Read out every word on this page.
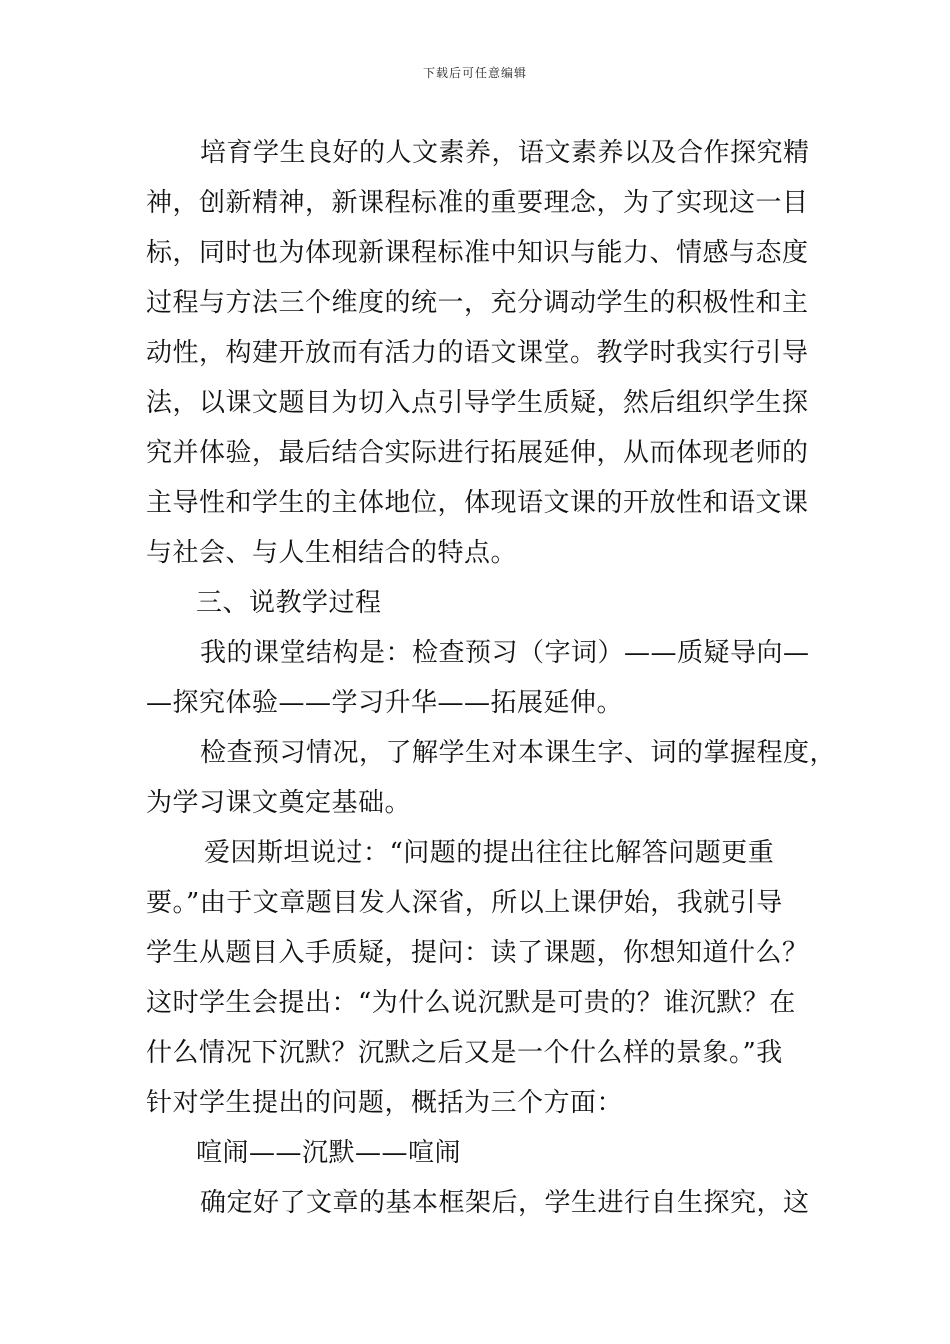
下载后可任意编辑
培育学生良好的人文素养，语文素养以及合作探究精
神，创新精神，新课程标准的重要理念，为了实现这一目
标，同时也为体现新课程标准中知识与能力、情感与态度
过程与方法三个维度的统一，充分调动学生的积极性和主
动性，构建开放而有活力的语文课堂。教学时我实行引导
法，以课文题目为切入点引导学生质疑，然后组织学生探
究并体验，最后结合实际进行拓展延伸，从而体现老师的
主导性和学生的主体地位，体现语文课的开放性和语文课
与社会、与人生相结合的特点。
三、说教学过程
我的课堂结构是：检查预习（字词）——质疑导向—
—探究体验——学习升华——拓展延伸。
检查预习情况，了解学生对本课生字、词的掌握程度，
为学习课文奠定基础。
爱因斯坦说过：“问题的提出往往比解答问题更重
要。”由于文章题目发人深省，所以上课伊始，我就引导
学生从题目入手质疑，提问：读了课题，你想知道什么？
这时学生会提出：“为什么说沉默是可贵的？谁沉默？在
什么情况下沉默？沉默之后又是一个什么样的景象。”我
针对学生提出的问题，概括为三个方面：
喧闹——沉默——喧闹
确定好了文章的基本框架后，学生进行自生探究，这
